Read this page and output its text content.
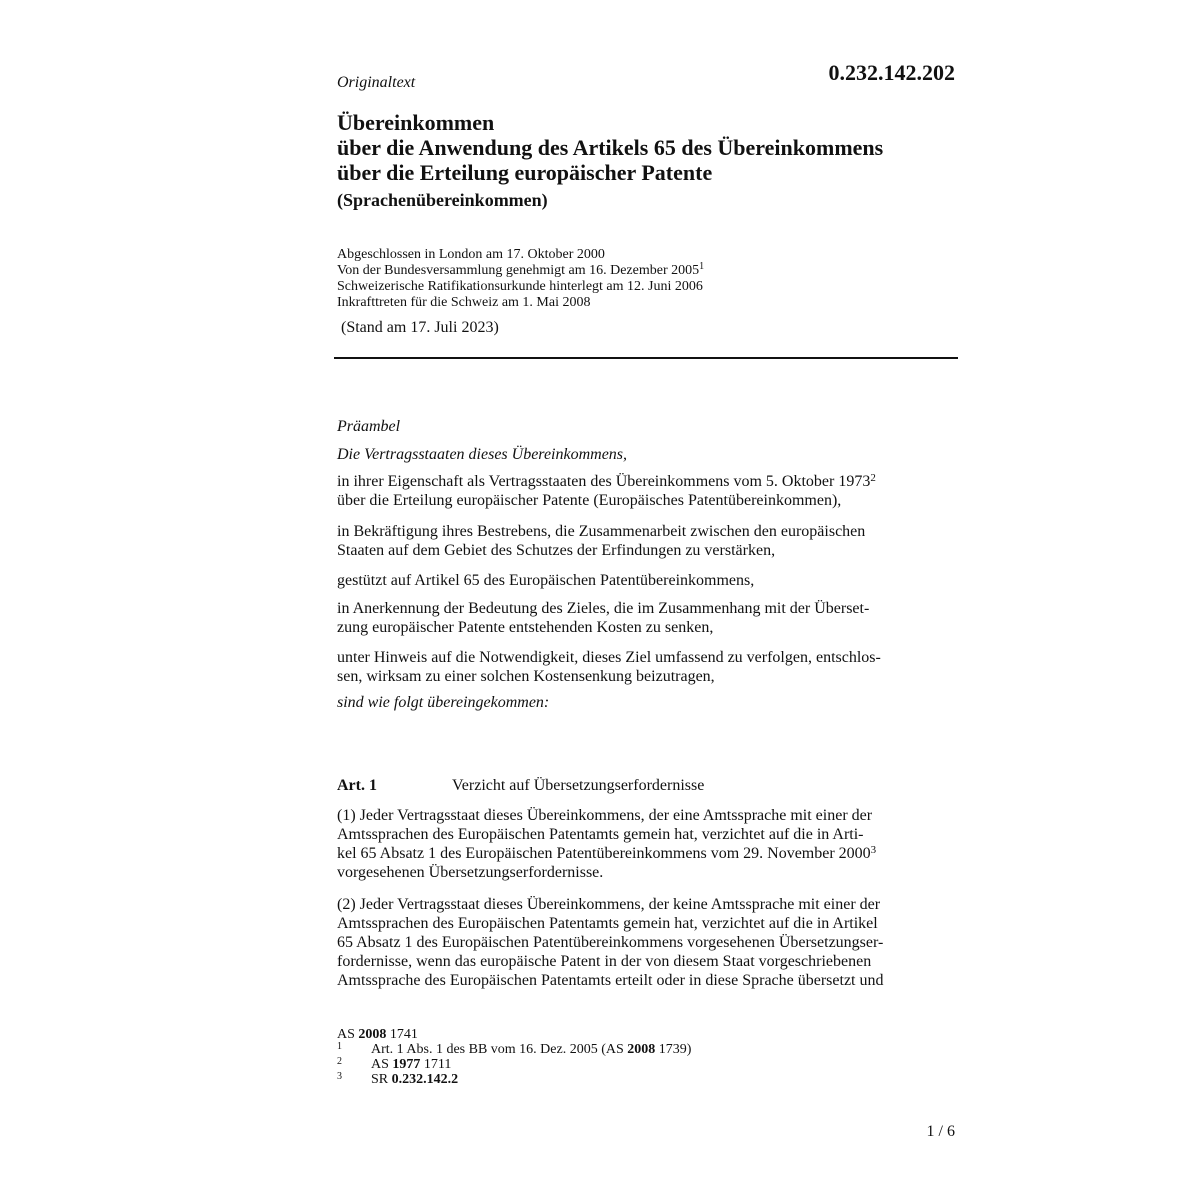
Originaltext	0.232.142.202
Übereinkommen
über die Anwendung des Artikels 65 des Übereinkommens
über die Erteilung europäischer Patente
(Sprachenübereinkommen)
Abgeschlossen in London am 17. Oktober 2000
Von der Bundesversammlung genehmigt am 16. Dezember 2005$^1$
Schweizerische Ratifikationsurkunde hinterlegt am 12. Juni 2006
Inkrafttreten für die Schweiz am 1. Mai 2008
(Stand am 17. Juli 2023)
Präambel
Die Vertragsstaaten dieses Übereinkommens,
in ihrer Eigenschaft als Vertragsstaaten des Übereinkommens vom 5. Oktober 1973$^2$
über die Erteilung europäischer Patente (Europäisches Patentübereinkommen),
in Bekräftigung ihres Bestrebens, die Zusammenarbeit zwischen den europäischen
Staaten auf dem Gebiet des Schutzes der Erfindungen zu verstärken,
gestützt auf Artikel 65 des Europäischen Patentübereinkommens,
in Anerkennung der Bedeutung des Zieles, die im Zusammenhang mit der Überset-
zung europäischer Patente entstehenden Kosten zu senken,
unter Hinweis auf die Notwendigkeit, dieses Ziel umfassend zu verfolgen, entschlos-
sen, wirksam zu einer solchen Kostensenkung beizutragen,
sind wie folgt übereingekommen:
Art. 1	Verzicht auf Übersetzungserfordernisse
(1) Jeder Vertragsstaat dieses Übereinkommens, der eine Amtssprache mit einer der
Amtssprachen des Europäischen Patentamts gemein hat, verzichtet auf die in Arti-
kel 65 Absatz 1 des Europäischen Patentübereinkommens vom 29. November 2000$^3$
vorgesehenen Übersetzungserfordernisse.
(2) Jeder Vertragsstaat dieses Übereinkommens, der keine Amtssprache mit einer der
Amtssprachen des Europäischen Patentamts gemein hat, verzichtet auf die in Artikel
65 Absatz 1 des Europäischen Patentübereinkommens vorgesehenen Übersetzungser-
fordernisse, wenn das europäische Patent in der von diesem Staat vorgeschriebenen
Amtssprache des Europäischen Patentamts erteilt oder in diese Sprache übersetzt und
AS 2008 1741
1 Art. 1 Abs. 1 des BB vom 16. Dez. 2005 (AS 2008 1739)
2 AS 1977 1711
3 SR 0.232.142.2
1 / 6
